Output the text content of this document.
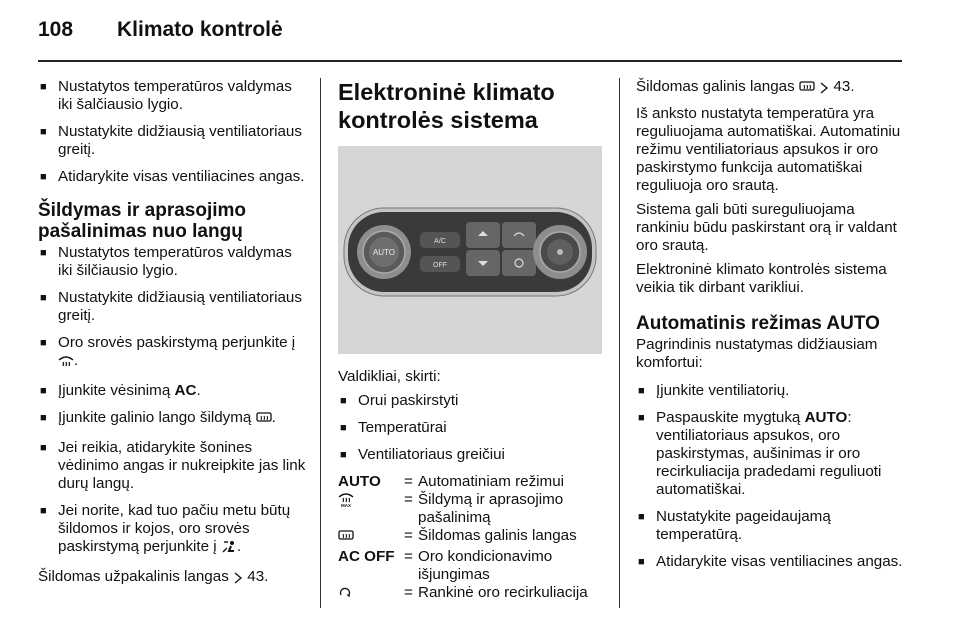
108 Klimato kontrolė
■ Nustatytos temperatūros valdymas iki šalčiausio lygio.
■ Nustatykite didžiausią ventiliatoriaus greitį.
■ Atidarykite visas ventiliacines angas.
Šildymas ir aprasojimo pašalinimas nuo langų
■ Nustatytos temperatūros valdymas iki šilčiausio lygio.
■ Nustatykite didžiausią ventiliatoriaus greitį.
■ Oro srovės paskirstymą perjunkite į .
■ Įjunkite vėsinimą AC.
■ Įjunkite galinio lango šildymą .
■ Jei reikia, atidarykite šonines vėdinimo angas ir nukreipkite jas link durų langų.
■ Jei norite, kad tuo pačiu metu būtų šildomos ir kojos, oro srovės paskirstymą perjunkite į .
Šildomas užpakalinis langas 43.
Elektroninė klimato kontrolės sistema
AUTO
A/C
OFF

Valdikliai, skirti:

■ Orui paskirstyti
■ Temperatūrai
■ Ventiliatoriaus greičiui
AUTO	=	Automatiniam režimui

MAX	=	Šildymą ir aprasojimo pašalinimą
	=	Šildomas galinis langas
AC OFF	=	Oro kondicionavimo išjungimas
	=	Rankinė oro recirkuliacija

Šildomas galinis langas	43.

Iš anksto nustatyta temperatūra yra reguliuojama automatiškai. Automatiniu režimu ventiliatoriaus apsukos ir oro paskirstymo funkcija automatiškai reguliuoja oro srautą.

Sistema gali būti sureguliuojama rankiniu būdu paskirstant orą ir valdant oro srautą.

Elektroninė klimato kontrolės sistema veikia tik dirbant varikliui.

Automatinis režimas AUTO

Pagrindinis nustatymas didžiausiam komfortui:

■ Įjunkite ventiliatorių.
■ Paspauskite mygtuką AUTO: ventiliatoriaus apsukos, oro paskirstymas, aušinimas ir oro recirkuliacija pradedami reguliuoti automatiškai.
■ Nustatykite pageidaujamą temperatūrą.
■ Atidarykite visas ventiliacines angas.
